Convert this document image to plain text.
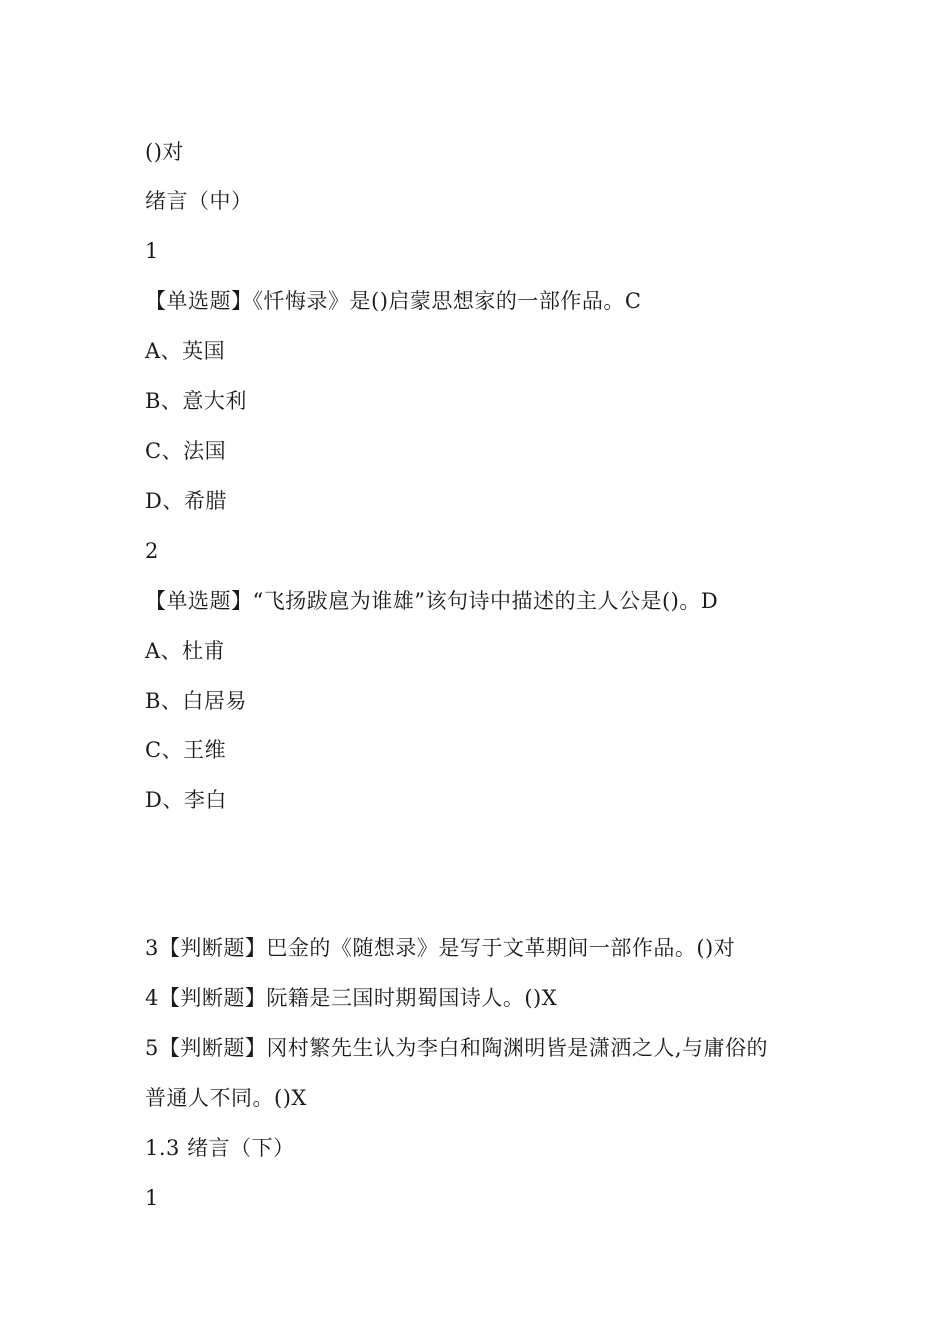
()对
绪言（中）
1
【单选题】《忏悔录》是()启蒙思想家的一部作品。C
A、英国
B、意大利
C、法国
D、希腊
2
【单选题】“飞扬跋扈为谁雄”该句诗中描述的主人公是()。D
A、杜甫
B、白居易
C、王维
D、李白
3【判断题】巴金的《随想录》是写于文革期间一部作品。()对
4【判断题】阮籍是三国时期蜀国诗人。()X
5【判断题】冈村繁先生认为李白和陶渊明皆是潇洒之人,与庸俗的
普通人不同。()X
1.3 绪言（下）
1
